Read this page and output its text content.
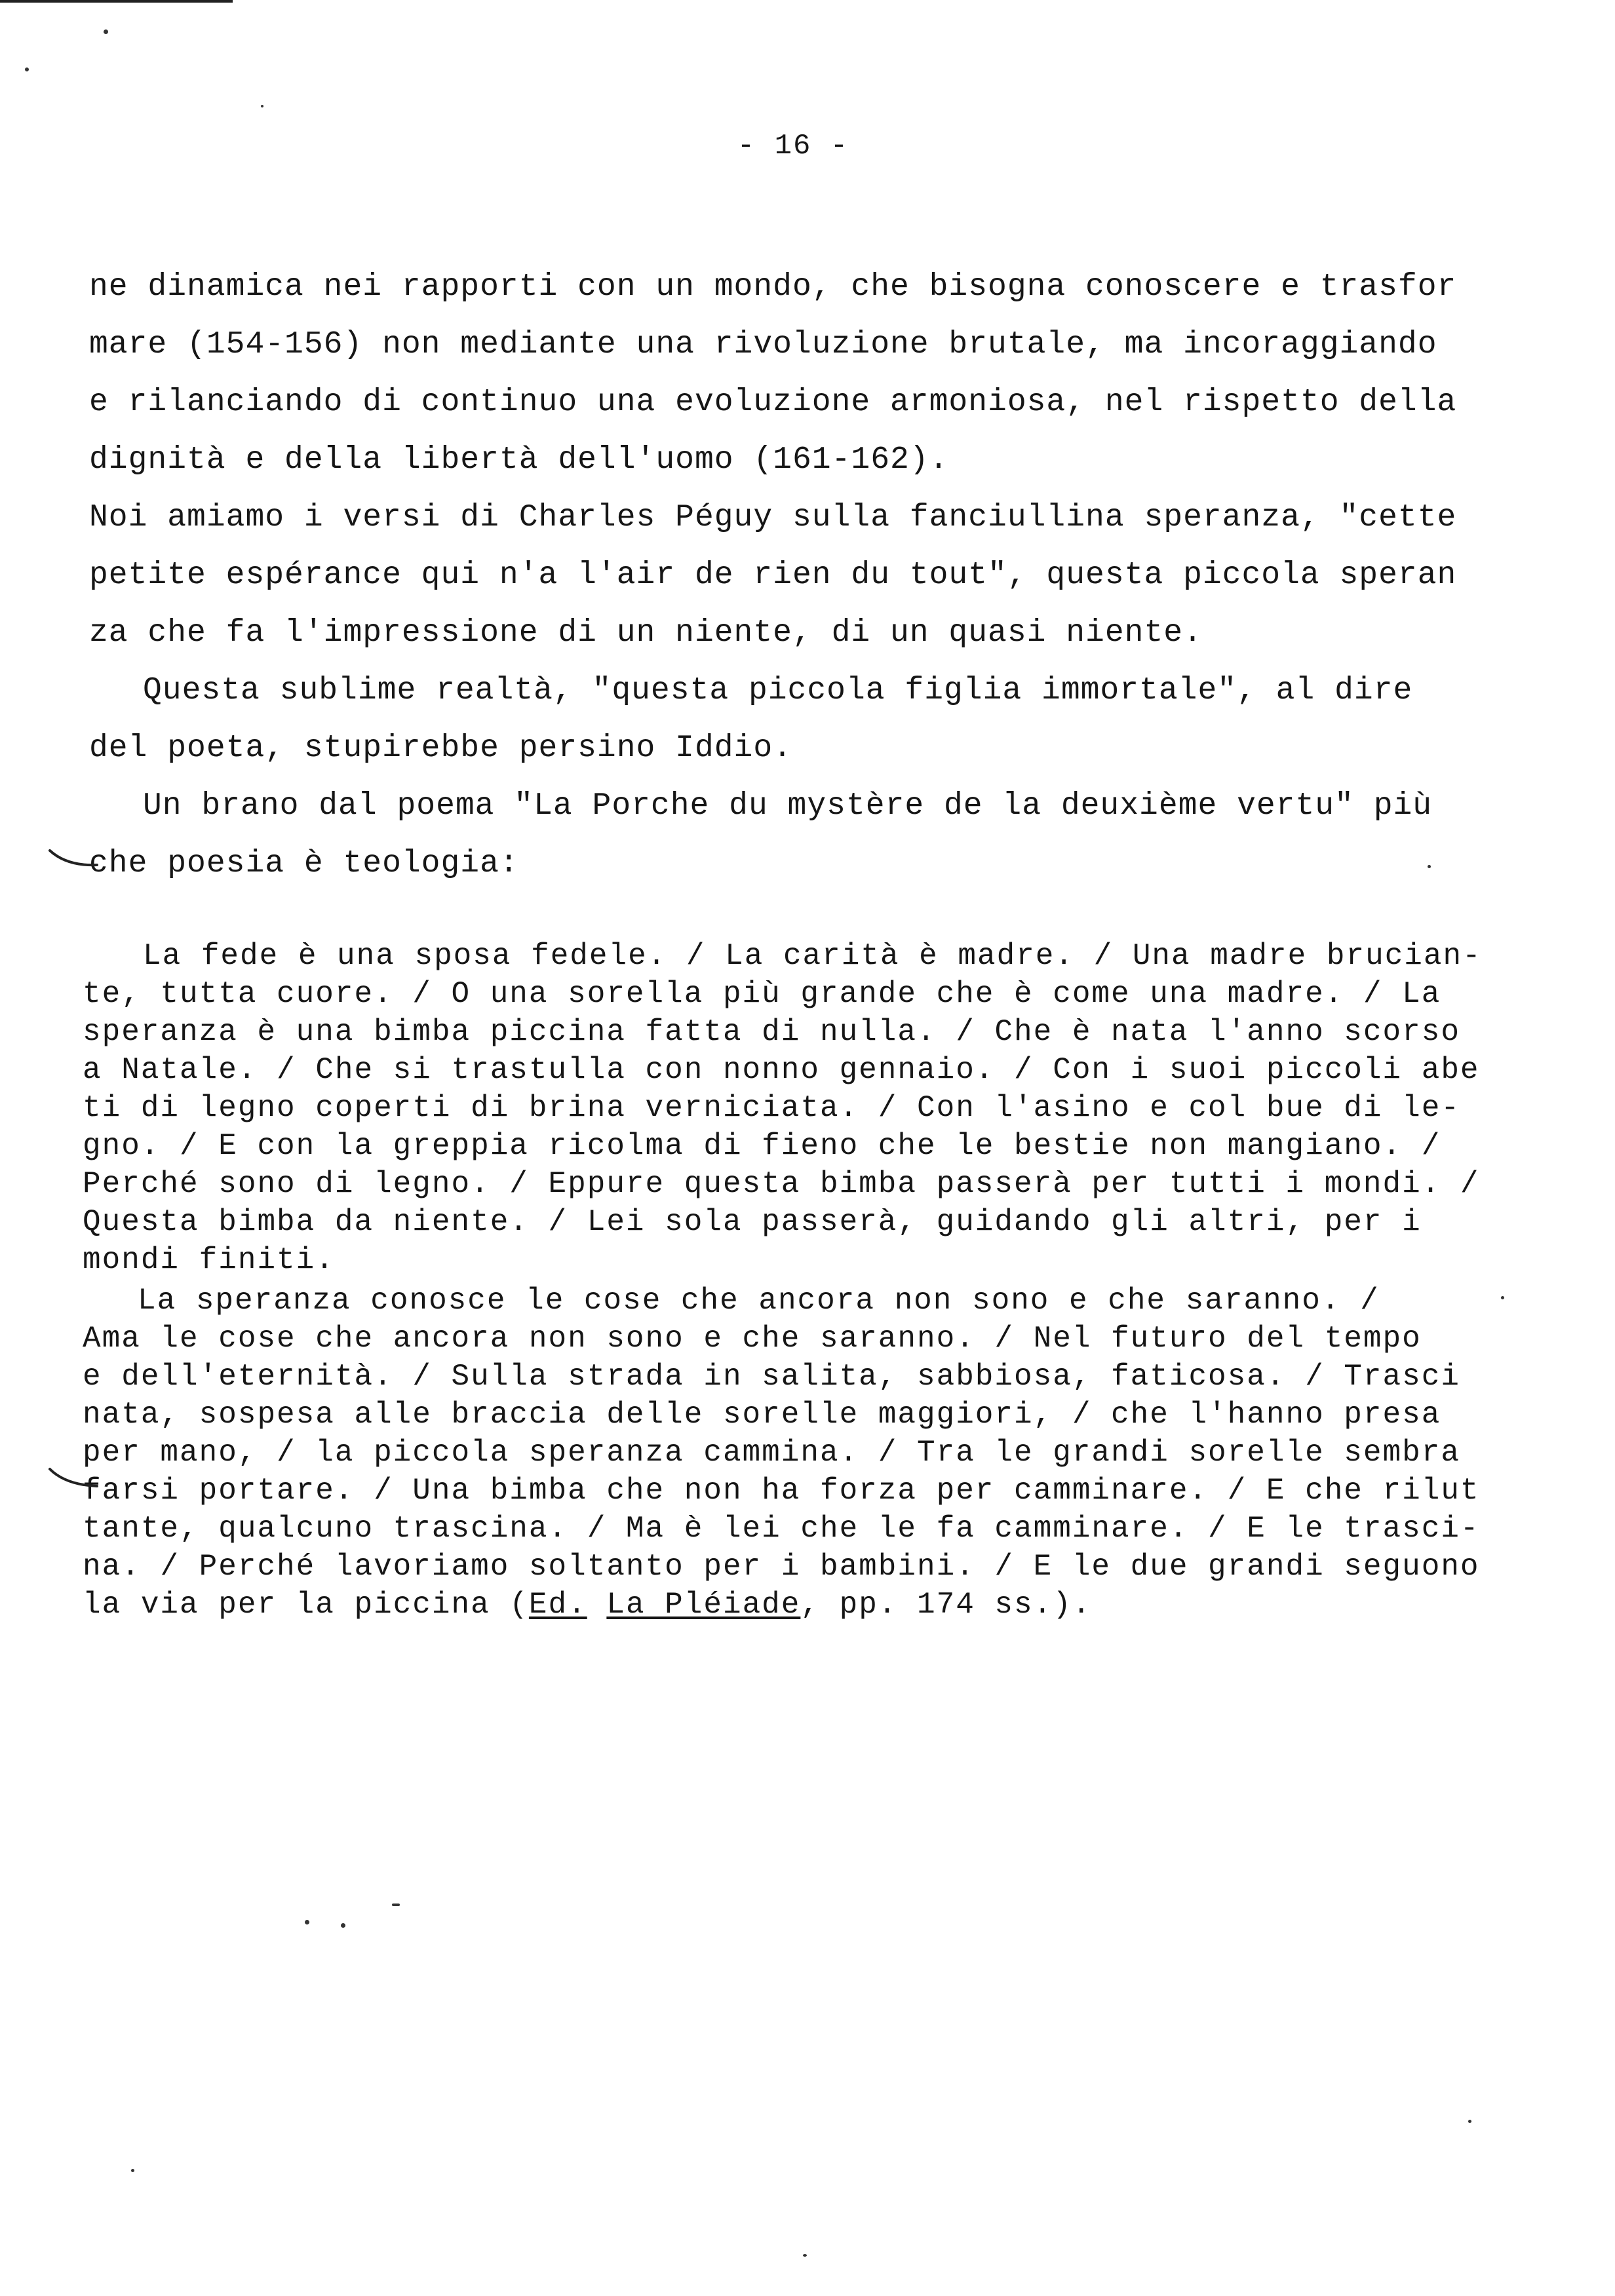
- 16 -
ne dinamica nei rapporti con un mondo, che bisogna conoscere e trasfor
mare (154-156) non mediante una rivoluzione brutale, ma incoraggiando
e rilanciando di continuo una evoluzione armoniosa, nel rispetto della
dignità e della libertà dell'uomo (161-162).
Noi amiamo i versi di Charles Péguy sulla fanciullina speranza, "cette
petite espérance qui n'a l'air de rien du tout", questa piccola speran
za che fa l'impressione di un niente, di un quasi niente.
Questa sublime realtà, "questa piccola figlia immortale", al dire
del poeta, stupirebbe persino Iddio.
Un brano dal poema "La Porche du mystère de la deuxième vertu" più
che poesia è teologia:
La fede è una sposa fedele. / La carità è madre. / Una madre brucian-
te, tutta cuore. / O una sorella più grande che è come una madre. / La
speranza è una bimba piccina fatta di nulla. / Che è nata l'anno scorso
a Natale. / Che si trastulla con nonno gennaio. / Con i suoi piccoli abe
ti di legno coperti di brina verniciata. / Con l'asino e col bue di le-
gno. / E con la greppia ricolma di fieno che le bestie non mangiano. /
Perché sono di legno. / Eppure questa bimba passerà per tutti i mondi. /
Questa bimba da niente. / Lei sola passerà, guidando gli altri, per i
mondi finiti.
La speranza conosce le cose che ancora non sono e che saranno. /
Ama le cose che ancora non sono e che saranno. / Nel futuro del tempo
e dell'eternità. / Sulla strada in salita, sabbiosa, faticosa. / Trasci
nata, sospesa alle braccia delle sorelle maggiori, / che l'hanno presa
per mano, / la piccola speranza cammina. / Tra le grandi sorelle sembra
farsi portare. / Una bimba che non ha forza per camminare. / E che rilut
tante, qualcuno trascina. / Ma è lei che le fa camminare. / E le trasci-
na. / Perché lavoriamo soltanto per i bambini. / E le due grandi seguono
la via per la piccina (Ed. La Pléiade, pp. 174 ss.).
